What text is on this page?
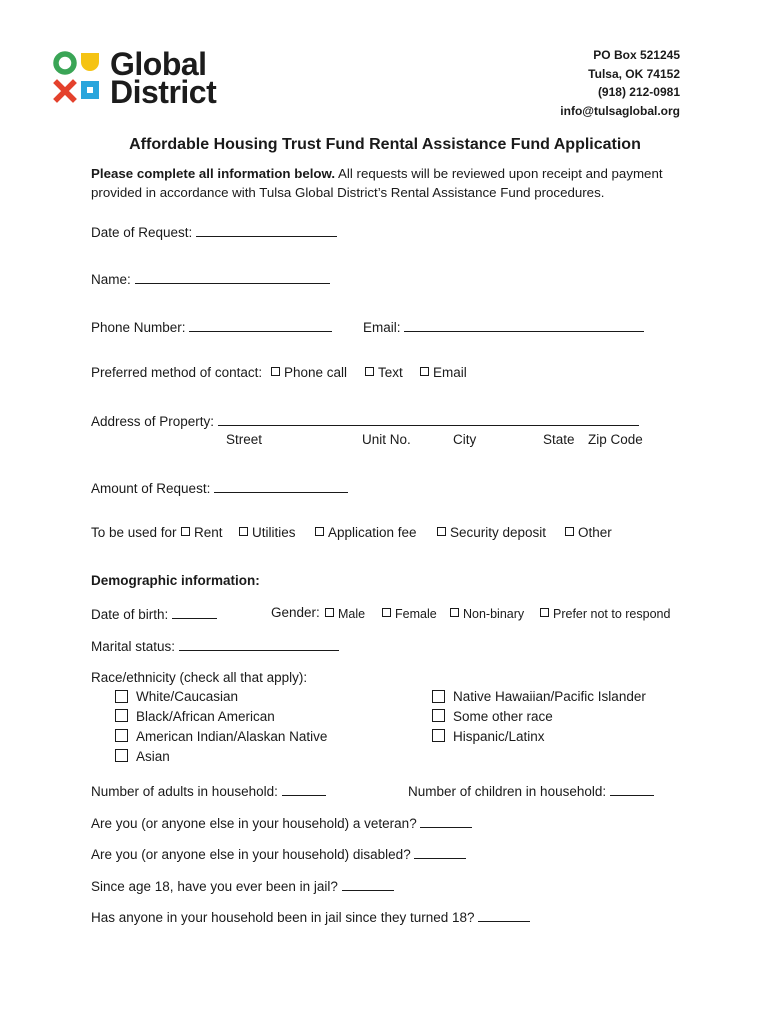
Global
District
PO Box 521245
Tulsa, OK 74152
(918) 212-0981
info@tulsaglobal.org
Affordable Housing Trust Fund Rental Assistance Fund Application
Please complete all information below. All requests will be reviewed upon receipt and payment
provided in accordance with Tulsa Global District’s Rental Assistance Fund procedures.
Date of Request:
Name:
Phone Number:	Email:
Preferred method of contact:	Phone call	Text	Email
Address of Property:
Street	Unit No.	City	State Zip Code
Amount of Request:
To be used for	Rent	Utilities	Application fee	Security deposit	Other
Demographic information:
Date of birth:	Gender:	Male	Female	Non-binary	Prefer not to respond
Marital status:
Race/ethnicity (check all that apply):
White/Caucasian
Black/African American
American Indian/Alaskan Native
Asian
Native Hawaiian/Pacific Islander
Some other race
Hispanic/Latinx
Number of adults in household:	Number of children in household:
Are you (or anyone else in your household) a veteran?
Are you (or anyone else in your household) disabled?
Since age 18, have you ever been in jail?
Has anyone in your household been in jail since they turned 18?
